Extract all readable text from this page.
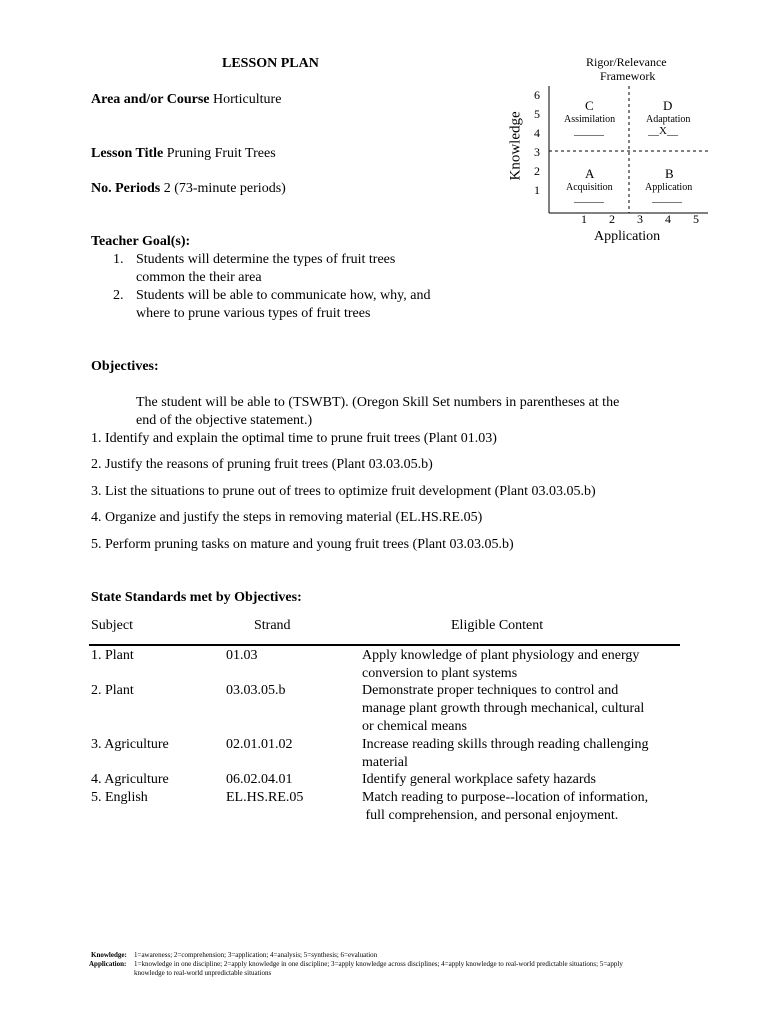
LESSON PLAN
Area and/or Course Horticulture
Lesson Title Pruning Fruit Trees
No. Periods 2 (73-minute periods)
Rigor/Relevance
Framework
Knowledge
Application
6
5
4
3
2
1
1 2 3 4 5
C
Assimilation
______
D
Adaptation
__X__
A
Acquisition
______
B
Application
______
Teacher Goal(s):
1. Students will determine the types of fruit trees
common the their area
2. Students will be able to communicate how, why, and
where to prune various types of fruit trees
Objectives:
The student will be able to (TSWBT). (Oregon Skill Set numbers in parentheses at the
end of the objective statement.)
1. Identify and explain the optimal time to prune fruit trees (Plant 01.03)
2. Justify the reasons of pruning fruit trees (Plant 03.03.05.b)
3. List the situations to prune out of trees to optimize fruit development (Plant 03.03.05.b)
4. Organize and justify the steps in removing material (EL.HS.RE.05)
5. Perform pruning tasks on mature and young fruit trees (Plant 03.03.05.b)
State Standards met by Objectives:
Subject	Strand	Eligible Content
1. Plant	01.03	Apply knowledge of plant physiology and energy
conversion to plant systems
2. Plant	03.03.05.b	Demonstrate proper techniques to control and
manage plant growth through mechanical, cultural
or chemical means
3. Agriculture	02.01.01.02	Increase reading skills through reading challenging
material
4. Agriculture	06.02.04.01	Identify general workplace safety hazards
5. English	EL.HS.RE.05	Match reading to purpose--location of information,
full comprehension, and personal enjoyment.
Knowledge: 1=awareness; 2=comprehension; 3=application; 4=analysis; 5=synthesis; 6=evaluation
Application: 1=knowledge in one discipline; 2=apply knowledge in one discipline; 3=apply knowledge across disciplines; 4=apply knowledge to real-world predictable situations; 5=apply
knowledge to real-world unpredictable situations
